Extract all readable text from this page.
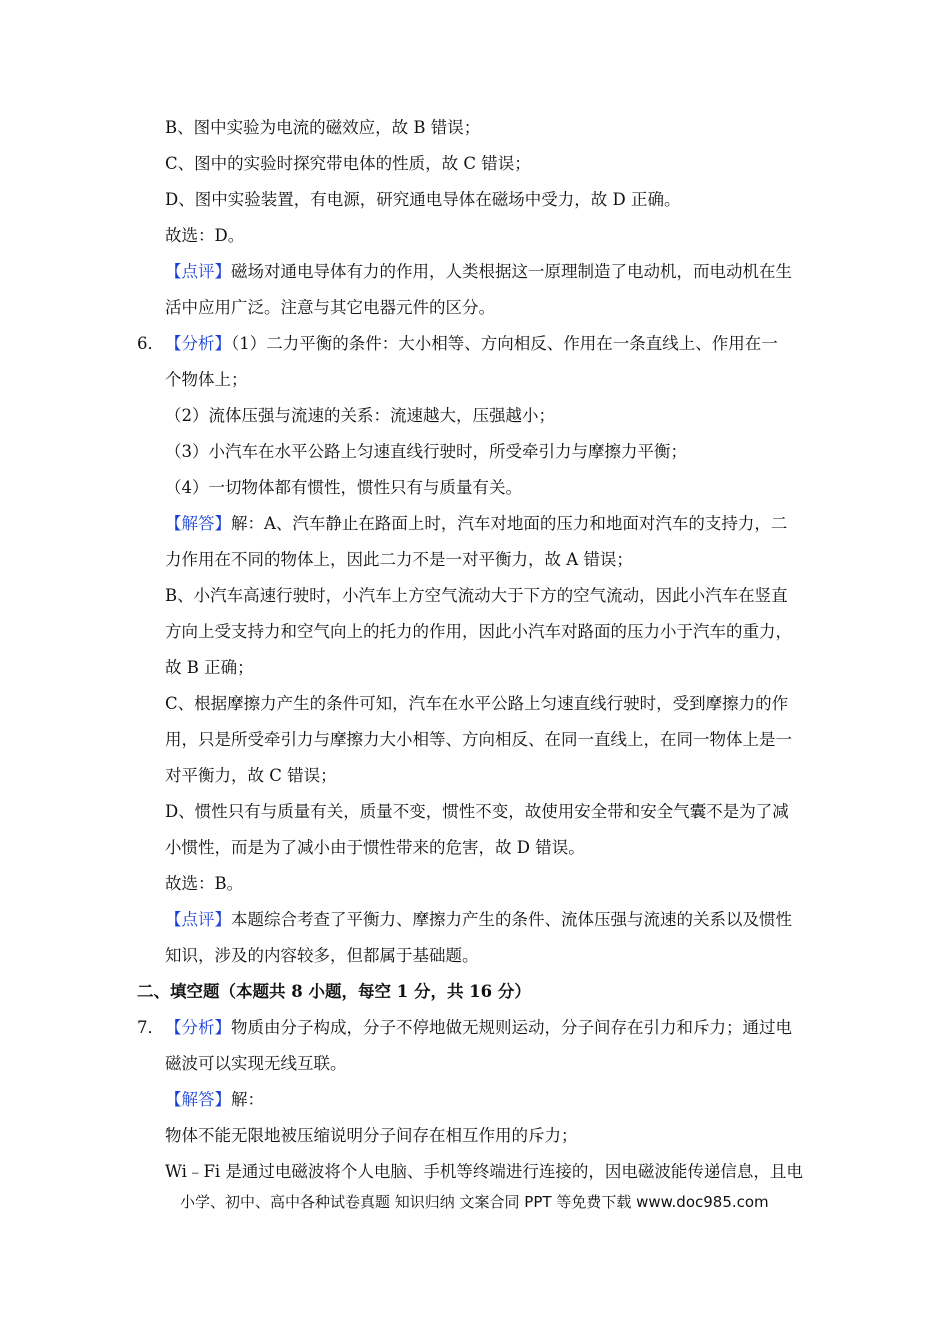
B、图中实验为电流的磁效应，故 B 错误；
C、图中的实验时探究带电体的性质，故 C 错误；
D、图中实验装置，有电源，研究通电导体在磁场中受力，故 D 正确。
故选：D。
【点评】磁场对通电导体有力的作用，人类根据这一原理制造了电动机，而电动机在生
活中应用广泛。注意与其它电器元件的区分。
6．【分析】（1）二力平衡的条件：大小相等、方向相反、作用在一条直线上、作用在一
个物体上；
（2）流体压强与流速的关系：流速越大，压强越小；
（3）小汽车在水平公路上匀速直线行驶时，所受牵引力与摩擦力平衡；
（4）一切物体都有惯性，惯性只有与质量有关。
【解答】解：A、汽车静止在路面上时，汽车对地面的压力和地面对汽车的支持力，二
力作用在不同的物体上，因此二力不是一对平衡力，故 A 错误；
B、小汽车高速行驶时，小汽车上方空气流动大于下方的空气流动，因此小汽车在竖直
方向上受支持力和空气向上的托力的作用，因此小汽车对路面的压力小于汽车的重力，
故 B 正确；
C、根据摩擦力产生的条件可知，汽车在水平公路上匀速直线行驶时，受到摩擦力的作
用，只是所受牵引力与摩擦力大小相等、方向相反、在同一直线上，在同一物体上是一
对平衡力，故 C 错误；
D、惯性只有与质量有关，质量不变，惯性不变，故使用安全带和安全气囊不是为了减
小惯性，而是为了减小由于惯性带来的危害，故 D 错误。
故选：B。
【点评】本题综合考查了平衡力、摩擦力产生的条件、流体压强与流速的关系以及惯性
知识，涉及的内容较多，但都属于基础题。
二、填空题（本题共 8 小题，每空 1 分，共 16 分）
7．【分析】物质由分子构成，分子不停地做无规则运动，分子间存在引力和斥力；通过电
磁波可以实现无线互联。
【解答】解：
物体不能无限地被压缩说明分子间存在相互作用的斥力；
Wi﹣Fi 是通过电磁波将个人电脑、手机等终端进行连接的，因电磁波能传递信息，且电
小学、初中、高中各种试卷真题 知识归纳 文案合同 PPT 等免费下载 www.doc985.com
